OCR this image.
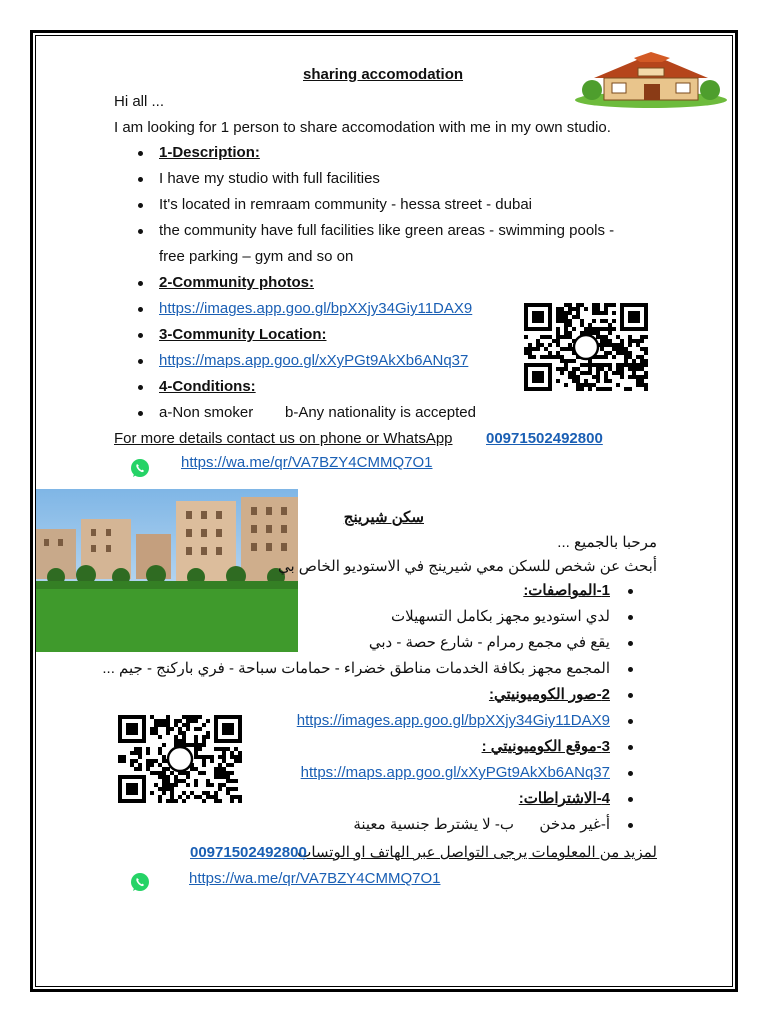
sharing accomodation
Hi all ...
I am looking for 1 person to share accomodation with me in my own studio.
1-Description:
I have my studio with full facilities
It's located in remraam community - hessa street - dubai
the community have full facilities like green areas - swimming pools -
free parking – gym and so on
2-Community photos:
https://images.app.goo.gl/bpXXjy34Giy11DAX9
3-Community Location:
https://maps.app.goo.gl/xXyPGt9AkXb6ANq37
4-Conditions:
a-Non smoker b-Any nationality is accepted
For more details contact us on phone or WhatsApp 00971502492800
https://wa.me/qr/VA7BZY4CMMQ7O1
سكن شيرينج
مرحبا بالجميع ...
أبحث عن شخص للسكن معي شيرينج في الاستوديو الخاص بي
1-المواصفات:
لدي استوديو مجهز بكامل التسهيلات
يقع في مجمع رمرام - شارع حصة - دبي
المجمع مجهز بكافة الخدمات مناطق خضراء - حمامات سباحة - فري باركنج - جيم ...
2-صور الكوميونيتي:
https://images.app.goo.gl/bpXXjy34Giy11DAX9
3-موقع الكوميونيتي :
https://maps.app.goo.gl/xXyPGt9AkXb6ANq37
4-الاشتراطات:
أ-غير مدخن
ب- لا يشترط جنسية معينة
لمزيد من المعلومات يرجى التواصل عبر الهاتف او الوتساب
00971502492800
https://wa.me/qr/VA7BZY4CMMQ7O1
